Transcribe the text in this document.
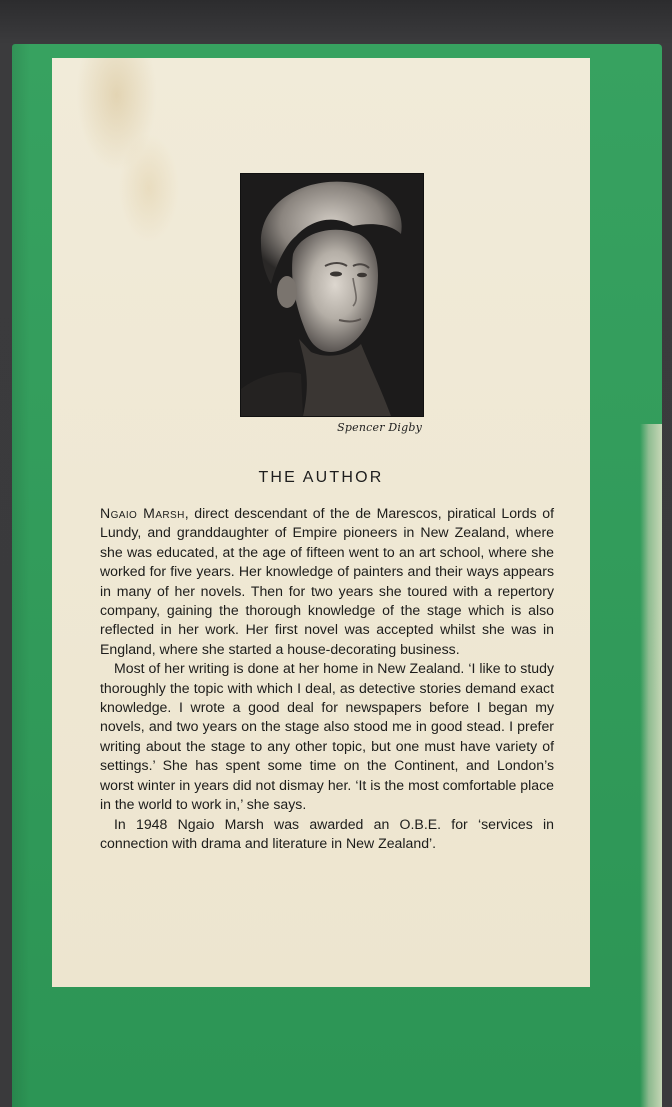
Spencer Digby
THE AUTHOR

Ngaio Marsh, direct descendant of the de Marescos, piratical Lords of Lundy, and granddaughter of Empire pioneers in New Zealand, where she was educated, at the age of fifteen went to an art school, where she worked for five years. Her knowledge of painters and their ways appears in many of her novels. Then for two years she toured with a repertory company, gaining the thorough knowledge of the stage which is also reflected in her work. Her first novel was accepted whilst she was in England, where she started a house-decorating business.

Most of her writing is done at her home in New Zealand. ‘I like to study thoroughly the topic with which I deal, as detective stories demand exact knowledge. I wrote a good deal for newspapers before I began my novels, and two years on the stage also stood me in good stead. I prefer writing about the stage to any other topic, but one must have variety of settings.’ She has spent some time on the Continent, and London’s worst winter in years did not dismay her. ‘It is the most comfortable place in the world to work in,’ she says.

In 1948 Ngaio Marsh was awarded an O.B.E. for ‘services in connection with drama and literature in New Zealand’.
